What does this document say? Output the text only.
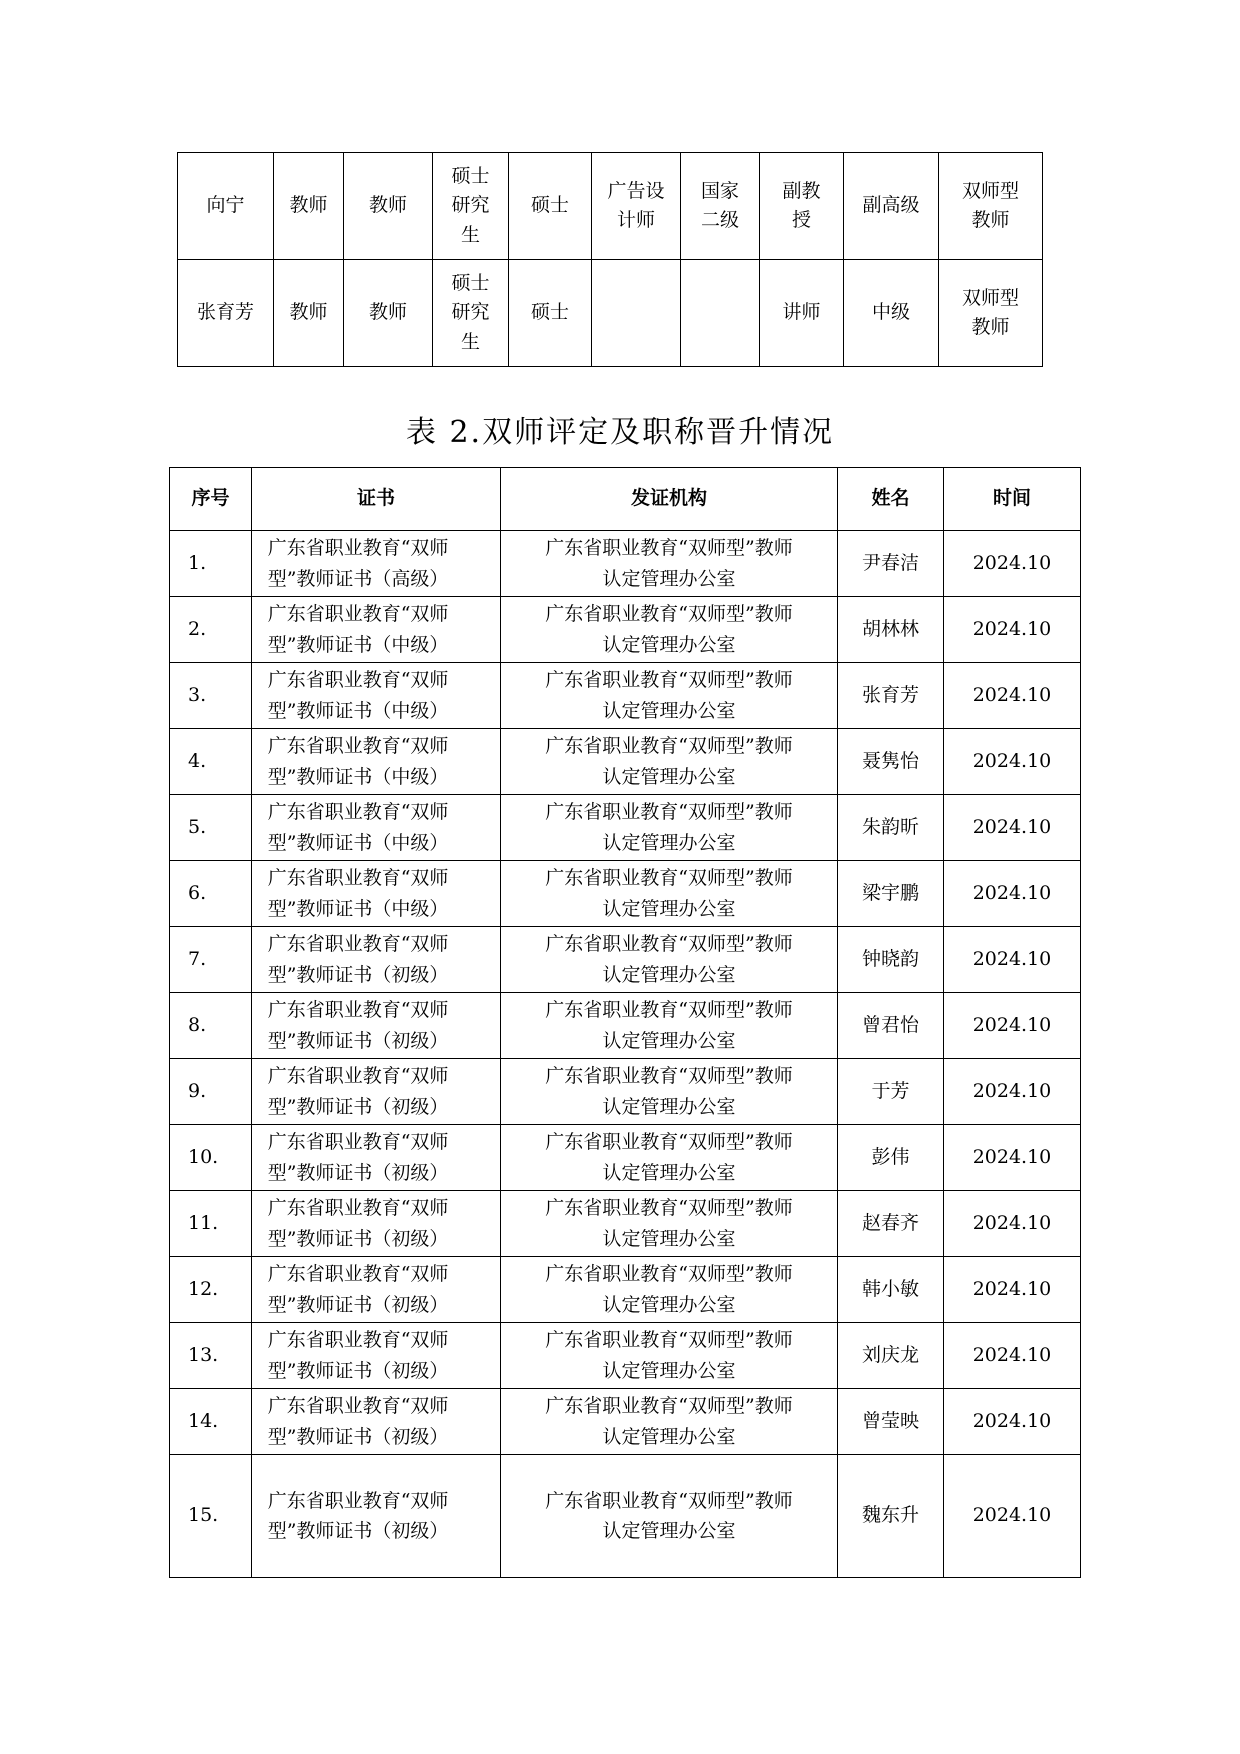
向宁	教师	教师	硕士研究生	硕士	广告设计师	国家二级	副教授	副高级	双师型教师
张育芳	教师	教师	硕士研究生	硕士			讲师	中级	双师型教师
表 2.双师评定及职称晋升情况
序号	证书	发证机构	姓名	时间
1.	广东省职业教育“双师型”教师证书（高级）	广东省职业教育“双师型”教师
认定管理办公室	尹春洁	2024.10
2.	广东省职业教育“双师型”教师证书（中级）	广东省职业教育“双师型”教师
认定管理办公室	胡林林	2024.10
3.	广东省职业教育“双师型”教师证书（中级）	广东省职业教育“双师型”教师
认定管理办公室	张育芳	2024.10
4.	广东省职业教育“双师型”教师证书（中级）	广东省职业教育“双师型”教师
认定管理办公室	聂隽怡	2024.10
5.	广东省职业教育“双师型”教师证书（中级）	广东省职业教育“双师型”教师
认定管理办公室	朱韵昕	2024.10
6.	广东省职业教育“双师型”教师证书（中级）	广东省职业教育“双师型”教师
认定管理办公室	梁宇鹏	2024.10
7.	广东省职业教育“双师型”教师证书（初级）	广东省职业教育“双师型”教师
认定管理办公室	钟晓韵	2024.10
8.	广东省职业教育“双师型”教师证书（初级）	广东省职业教育“双师型”教师
认定管理办公室	曾君怡	2024.10
9.	广东省职业教育“双师型”教师证书（初级）	广东省职业教育“双师型”教师
认定管理办公室	于芳	2024.10
10.	广东省职业教育“双师型”教师证书（初级）	广东省职业教育“双师型”教师
认定管理办公室	彭伟	2024.10
11.	广东省职业教育“双师型”教师证书（初级）	广东省职业教育“双师型”教师
认定管理办公室	赵春齐	2024.10
12.	广东省职业教育“双师型”教师证书（初级）	广东省职业教育“双师型”教师
认定管理办公室	韩小敏	2024.10
13.	广东省职业教育“双师型”教师证书（初级）	广东省职业教育“双师型”教师
认定管理办公室	刘庆龙	2024.10
14.	广东省职业教育“双师型”教师证书（初级）	广东省职业教育“双师型”教师
认定管理办公室	曾莹映	2024.10
15.	广东省职业教育“双师型”教师证书（初级）	广东省职业教育“双师型”教师
认定管理办公室	魏东升	2024.10
